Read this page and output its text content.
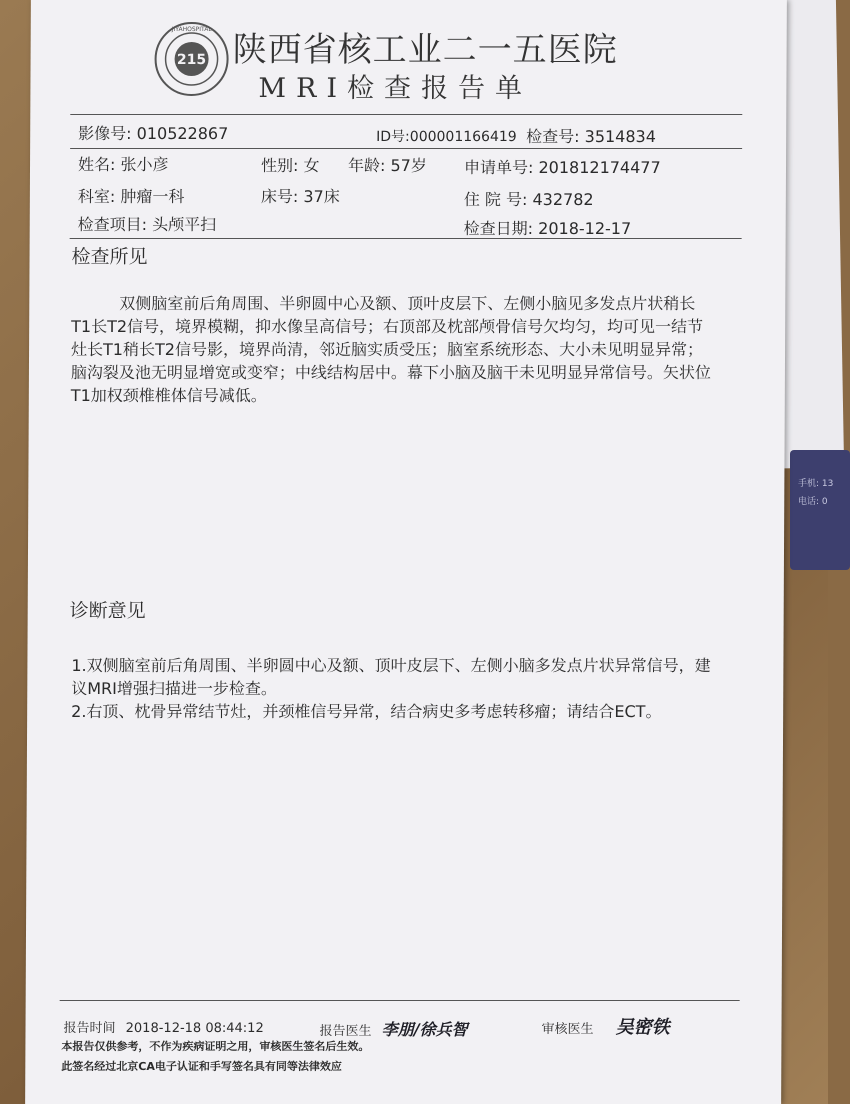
手机: 13
电话: 0
215
JIYAHOSPITAL
陕西省核工业二一五医院
MRI检查报告单
影像号: 010522867	ID号:000001166419 检查号: 3514834
姓名: 张小彦	性别: 女 年龄: 57岁 申请单号: 201812174477
科室: 肿瘤一科	床号: 37床	住 院 号: 432782
检查项目: 头颅平扫	检查日期: 2018-12-17
检查所见
双侧脑室前后角周围、半卵圆中心及额、顶叶皮层下、左侧小脑见多发点片状稍长T1长T2信号，境界模糊，抑水像呈高信号；右顶部及枕部颅骨信号欠均匀，均可见一结节灶长T1稍长T2信号影，境界尚清，邻近脑实质受压；脑室系统形态、大小未见明显异常；脑沟裂及池无明显增宽或变窄；中线结构居中。幕下小脑及脑干未见明显异常信号。矢状位T1加权颈椎椎体信号减低。
诊断意见
1.双侧脑室前后角周围、半卵圆中心及额、顶叶皮层下、左侧小脑多发点片状异常信号，建议MRI增强扫描进一步检查。
2.右顶、枕骨异常结节灶，并颈椎信号异常，结合病史多考虑转移瘤；请结合ECT。
报告时间 2018-12-18 08:44:12	报告医生 李朋/徐兵智	审核医生 吴密铁
本报告仅供参考，不作为疾病证明之用，审核医生签名后生效。
此签名经过北京CA电子认证和手写签名具有同等法律效应
